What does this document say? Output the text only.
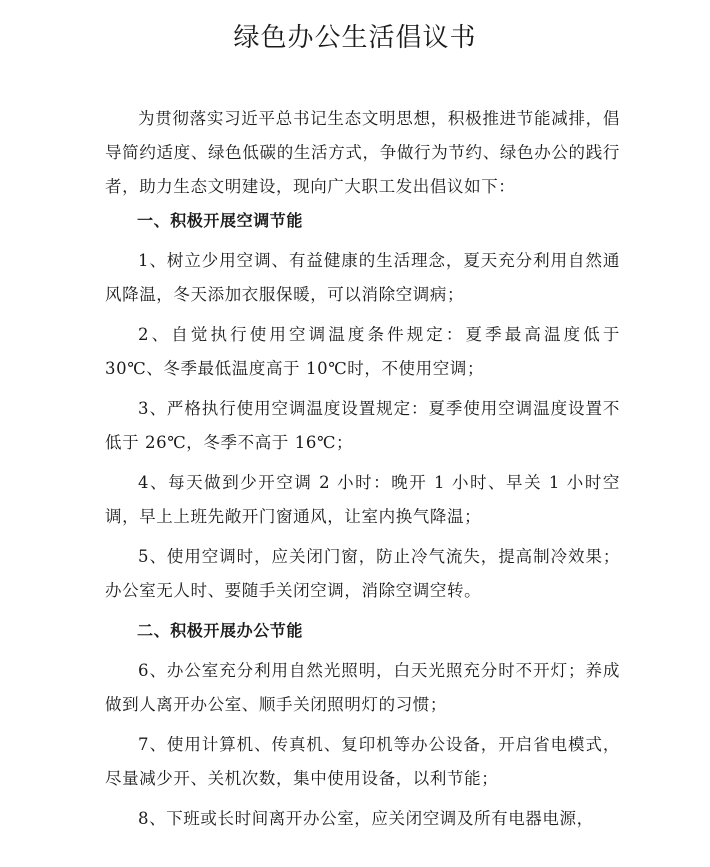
绿色办公生活倡议书

为贯彻落实习近平总书记生态文明思想，积极推进节能减排，倡导简约适度、绿色低碳的生活方式，争做行为节约、绿色办公的践行者，助力生态文明建设，现向广大职工发出倡议如下：

一、积极开展空调节能

1、树立少用空调、有益健康的生活理念，夏天充分利用自然通风降温，冬天添加衣服保暖，可以消除空调病；

2、自觉执行使用空调温度条件规定：夏季最高温度低于 30℃、冬季最低温度高于 10℃时，不使用空调；

3、严格执行使用空调温度设置规定：夏季使用空调温度设置不低于 26℃，冬季不高于 16℃；

4、每天做到少开空调 2 小时：晚开 1 小时、早关 1 小时空调，早上上班先敞开门窗通风，让室内换气降温；

5、使用空调时，应关闭门窗，防止冷气流失，提高制冷效果；办公室无人时、要随手关闭空调，消除空调空转。

二、积极开展办公节能

6、办公室充分利用自然光照明，白天光照充分时不开灯；养成做到人离开办公室、顺手关闭照明灯的习惯；

7、使用计算机、传真机、复印机等办公设备，开启省电模式，尽量减少开、关机次数，集中使用设备，以利节能；

8、下班或长时间离开办公室，应关闭空调及所有电器电源，
